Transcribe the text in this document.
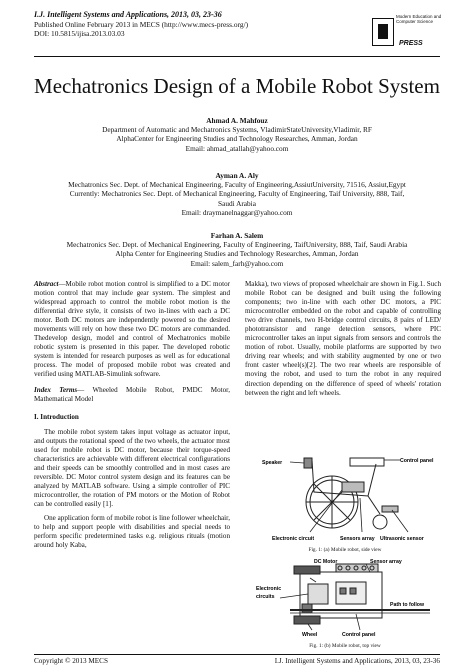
I.J. Intelligent Systems and Applications, 2013, 03, 23-36
Published Online February 2013 in MECS (http://www.mecs-press.org/)
DOI: 10.5815/ijisa.2013.03.03
Modern Education and Computer Science
PRESS
Mechatronics Design of a Mobile Robot System
Ahmad A. Mahfouz
Department of Automatic and Mechatronics Systems, VladimirStateUniversity,Vladimir, RF
AlphaCenter for Engineering Studies and Technology Researches, Amman, Jordan
Email: ahmad_atallah@yahoo.com
Ayman A. Aly
Mechatronics Sec. Dept. of Mechanical Engineering, Faculty of Engineering,AssiutUniversity, 71516, Assiut,Egypt
Currently: Mechatronics Sec. Dept. of Mechanical Engineering, Faculty of Engineering, Taif University, 888, Taif,
Saudi Arabia
Email: draymanelnaggar@yahoo.com
Farhan A. Salem
Mechatronics Sec. Dept. of Mechanical Engineering, Faculty of Engineering, TaifUniversity, 888, Taif, Saudi Arabia
Alpha Center for Engineering Studies and Technology Researches, Amman, Jordan
Email: salem_farh@yahoo.com

Abstract—Mobile robot motion control is simplified to a DC motor motion control that may include gear system. The simplest and widespread approach to control the mobile robot motion is the differential drive style, it consists of two in-lines with each a DC motor. Both DC motors are independently powered so the desired movements will rely on how these two DC motors are commanded. Thedevelop design, model and control of Mechatronics mobile robotic system is presented in this paper. The developed robotic system is intended for research purposes as well as for educational process. The model of proposed mobile robot was created and verified using MATLAB-Simulink software.

Index Terms— Wheeled Mobile Robot, PMDC Motor, Mathematical Model

I. Introduction

The mobile robot system takes input voltage as actuator input, and outputs the rotational speed of the two wheels, the actuator most used for mobile robot is DC motor, because their torque-speed characteristics are achievable with different electrical configurations and their speeds can be smoothly controlled and in most cases are reversible. DC Motor control system design and its features can be analyzed by MATLAB software. Using a simple controller of PIC microcontroller, the rotation of PM motors or the Motion of Robot can be controlled easily [1].

One application form of mobile robot is line follower wheelchair, to help and support people with disabilities and special needs to perform specific predetermined tasks e.g. religious rituals (motion around holy Kaba,

Makka), two views of proposed wheelchair are shown in Fig.1. Such mobile Robot can be designed and built using the following components; two in-line with each other DC motors, a PIC microcontroller embedded on the robot and capable of controlling two drive channels, two H-bridge control circuits, 8 pairs of LED/ phototransistor and range detection sensors, where PIC microcontroller takes an input signals from sensors and controls the motion of robot. Usually, mobile platforms are supported by two driving rear wheels; and with stability augmented by one or two front caster wheel(s)[2]. The two rear wheels are responsible of moving the robot, and used to turn the robot in any required direction depending on the difference of speed of wheels' rotation between the right and left wheels.

Speaker	Control panel
Electronic circuit	Sensors array Ultrasonic sensor
Fig. 1: (a) Mobile robot, side view
DC Motor	Sensor array
Electronic
circuits
Path to follow
Wheel	Control panel
Fig. 1: (b) Mobile robot, top view
Copyright © 2013 MECS	I.J. Intelligent Systems and Applications, 2013, 03, 23-36
